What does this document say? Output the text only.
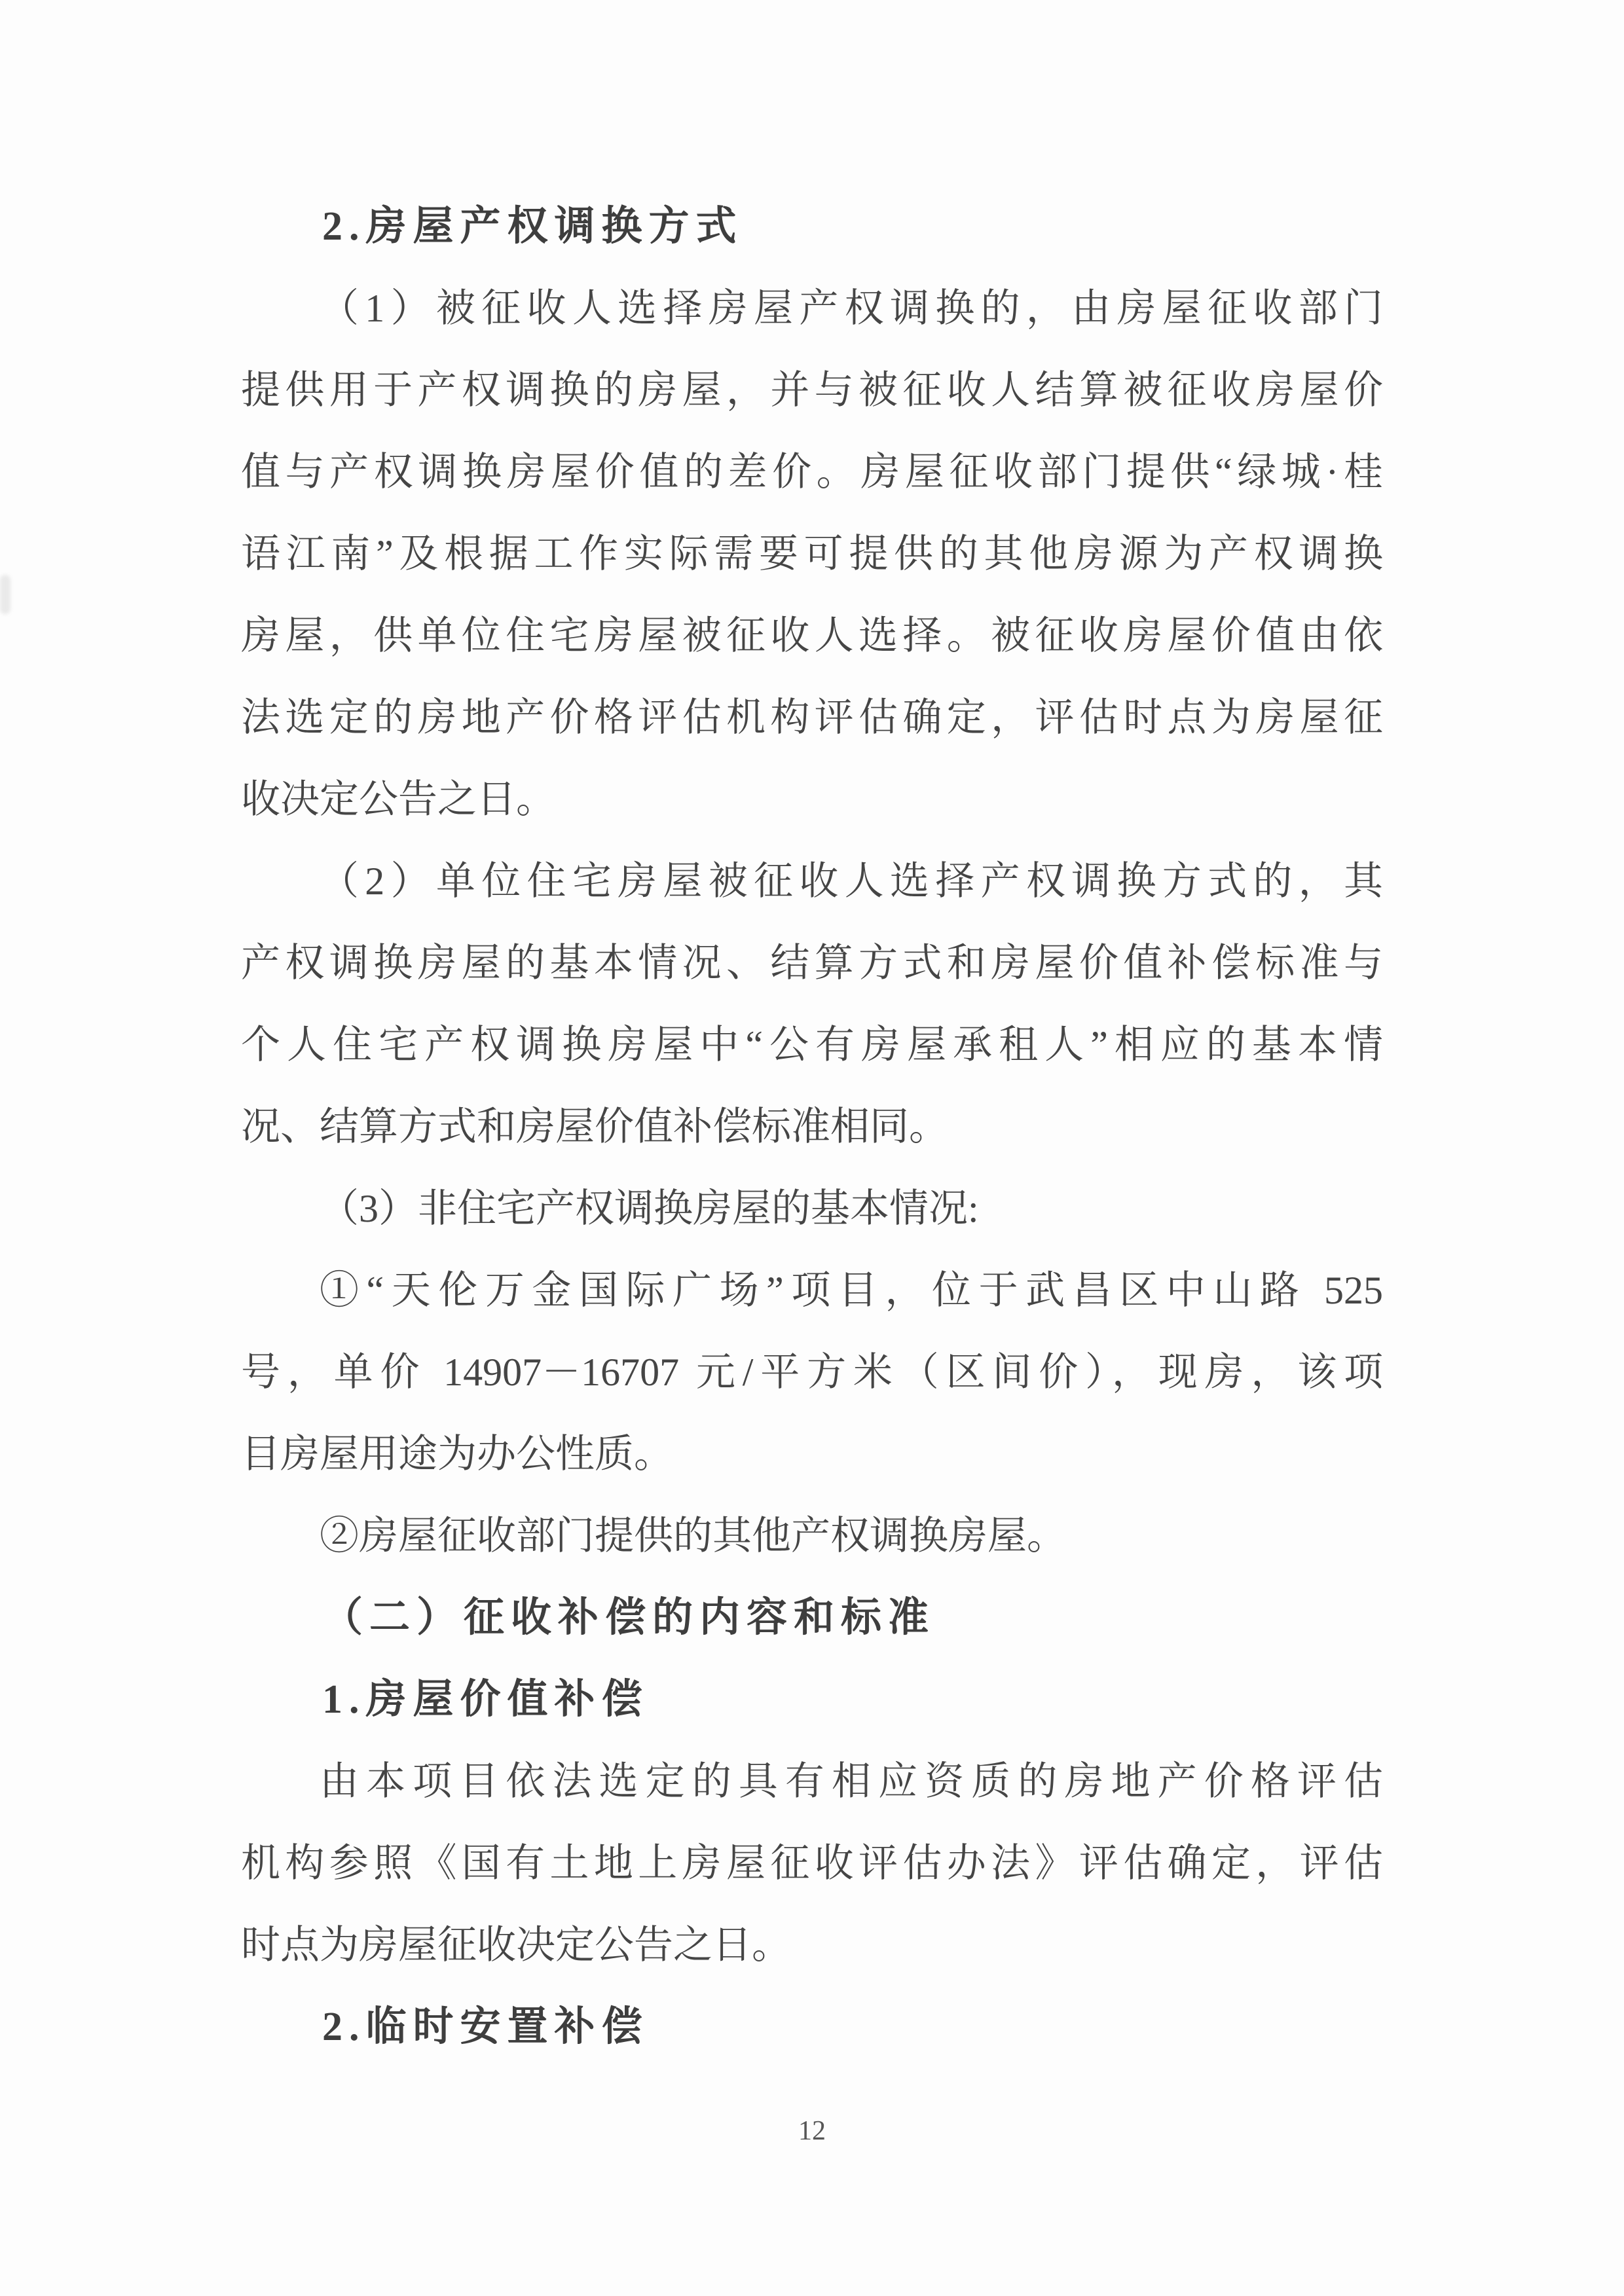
2.房屋产权调换方式
（1）被征收人选择房屋产权调换的，由房屋征收部门
提供用于产权调换的房屋，并与被征收人结算被征收房屋价
值与产权调换房屋价值的差价。房屋征收部门提供“绿城·桂
语江南”及根据工作实际需要可提供的其他房源为产权调换
房屋，供单位住宅房屋被征收人选择。被征收房屋价值由依
法选定的房地产价格评估机构评估确定，评估时点为房屋征
收决定公告之日。
（2）单位住宅房屋被征收人选择产权调换方式的，其
产权调换房屋的基本情况、结算方式和房屋价值补偿标准与
个人住宅产权调换房屋中“公有房屋承租人”相应的基本情
况、结算方式和房屋价值补偿标准相同。
（3）非住宅产权调换房屋的基本情况:
①“天伦万金国际广场”项目，位于武昌区中山路 525
号，单价 14907－16707 元/平方米（区间价），现房，该项
目房屋用途为办公性质。
②房屋征收部门提供的其他产权调换房屋。
（二）征收补偿的内容和标准
1.房屋价值补偿
由本项目依法选定的具有相应资质的房地产价格评估
机构参照《国有土地上房屋征收评估办法》评估确定，评估
时点为房屋征收决定公告之日。
2.临时安置补偿
12
